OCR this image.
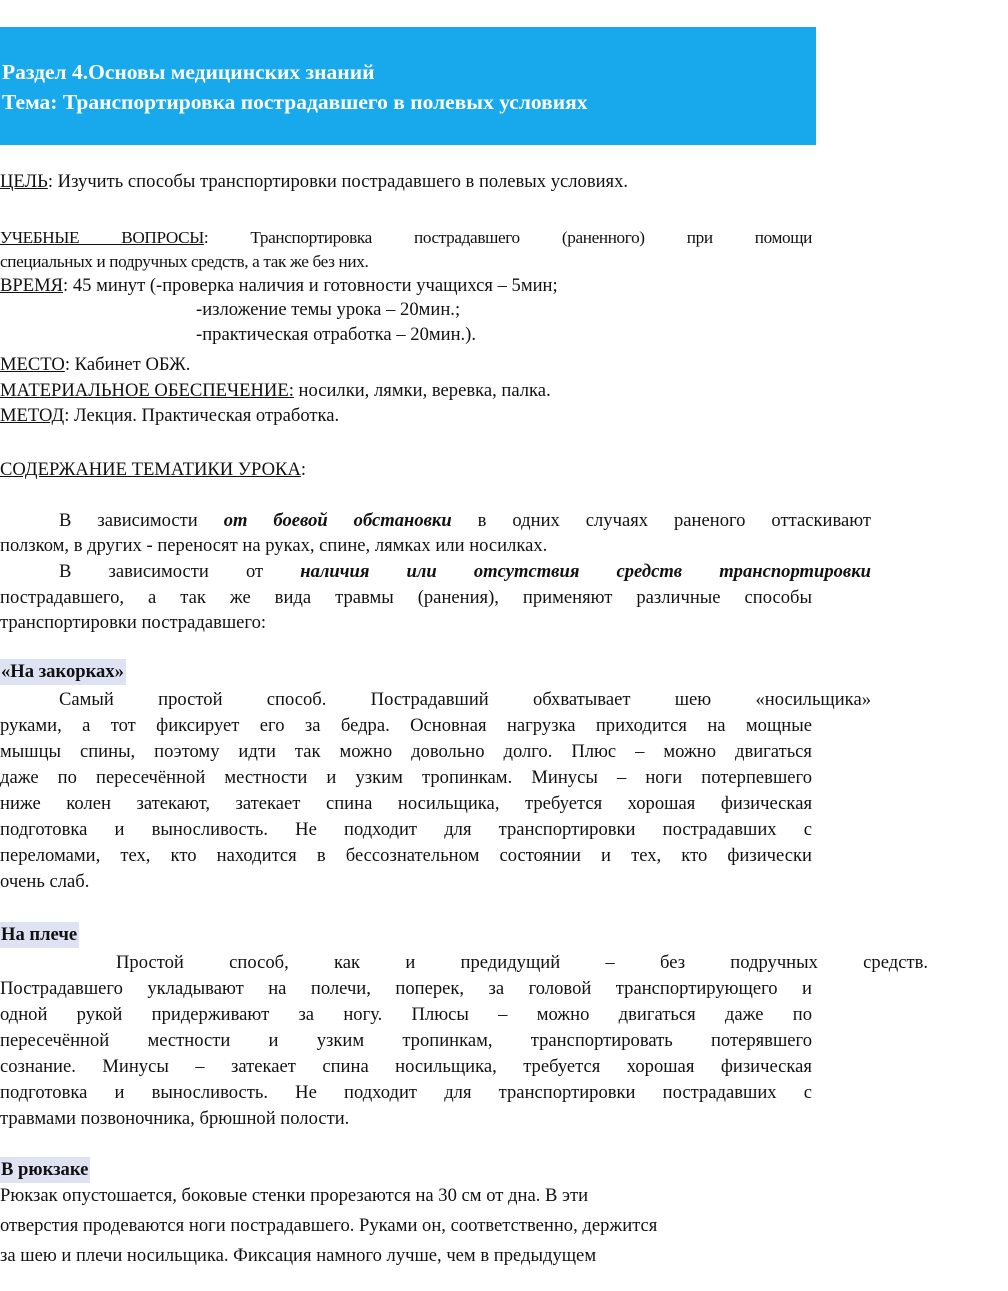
Раздел 4.Основы медицинских знаний
Тема: Транспортировка пострадавшего в полевых условиях
ЦЕЛЬ: Изучить способы транспортировки пострадавшего в полевых условиях.
УЧЕБНЫЕ ВОПРОСЫ: Транспортировка пострадавшего (раненного) при помощи
специальных и подручных средств, а так же без них.
ВРЕМЯ: 45 минут (-проверка наличия и готовности учащихся – 5мин;
-изложение темы урока – 20мин.;
-практическая отработка – 20мин.).
МЕСТО: Кабинет ОБЖ.
МАТЕРИАЛЬНОЕ ОБЕСПЕЧЕНИЕ: носилки, лямки, веревка, палка.
МЕТОД: Лекция. Практическая отработка.
СОДЕРЖАНИЕ ТЕМАТИКИ УРОКА:
В зависимости от боевой обстановки в одних случаях раненого оттаскивают
ползком, в других - переносят на руках, спине, лямках или носилках.
В зависимости от наличия или отсутствия средств транспортировки
пострадавшего, а так же вида травмы (ранения), применяют различные способы
транспортировки пострадавшего:
«На закорках»
Самый простой способ. Пострадавший обхватывает шею «носильщика»
руками, а тот фиксирует его за бедра. Основная нагрузка приходится на мощные
мышцы спины, поэтому идти так можно довольно долго. Плюс – можно двигаться
даже по пересечённой местности и узким тропинкам. Минусы – ноги потерпевшего
ниже колен затекают, затекает спина носильщика, требуется хорошая физическая
подготовка и выносливость. Не подходит для транспортировки пострадавших с
переломами, тех, кто находится в бессознательном состоянии и тех, кто физически
очень слаб.
На плече
Простой способ, как и предидущий – без подручных средств.
Пострадавшего укладывают на полечи, поперек, за головой транспортирующего и
одной рукой придерживают за ногу. Плюсы – можно двигаться даже по
пересечённой местности и узким тропинкам, транспортировать потерявшего
сознание. Минусы – затекает спина носильщика, требуется хорошая физическая
подготовка и выносливость. Не подходит для транспортировки пострадавших с
травмами позвоночника, брюшной полости.
В рюкзаке
Рюкзак опустошается, боковые стенки прорезаются на 30 см от дна. В эти
отверстия продеваются ноги пострадавшего. Руками он, соответственно, держится
за шею и плечи носильщика. Фиксация намного лучше, чем в предыдущем
